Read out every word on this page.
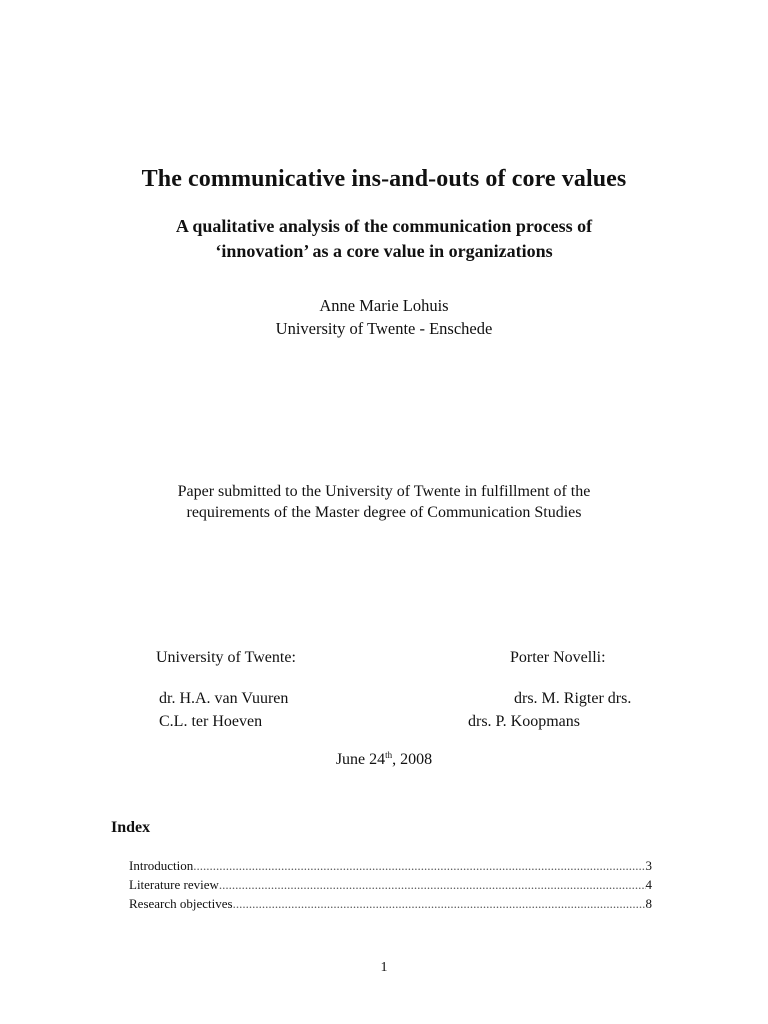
The communicative ins-and-outs of core values
A qualitative analysis of the communication process of
‘innovation’ as a core value in organizations
Anne Marie Lohuis
University of Twente - Enschede
Paper submitted to the University of Twente in fulfillment of the
requirements of the Master degree of Communication Studies
University of Twente:	Porter Novelli:
dr. H.A. van Vuuren	drs. M. Rigter drs.
C.L. ter Hoeven	drs. P. Koopmans
June 24th, 2008
Index
Introduction .....	3
Literature review .....	4
Research objectives .....	8
1
